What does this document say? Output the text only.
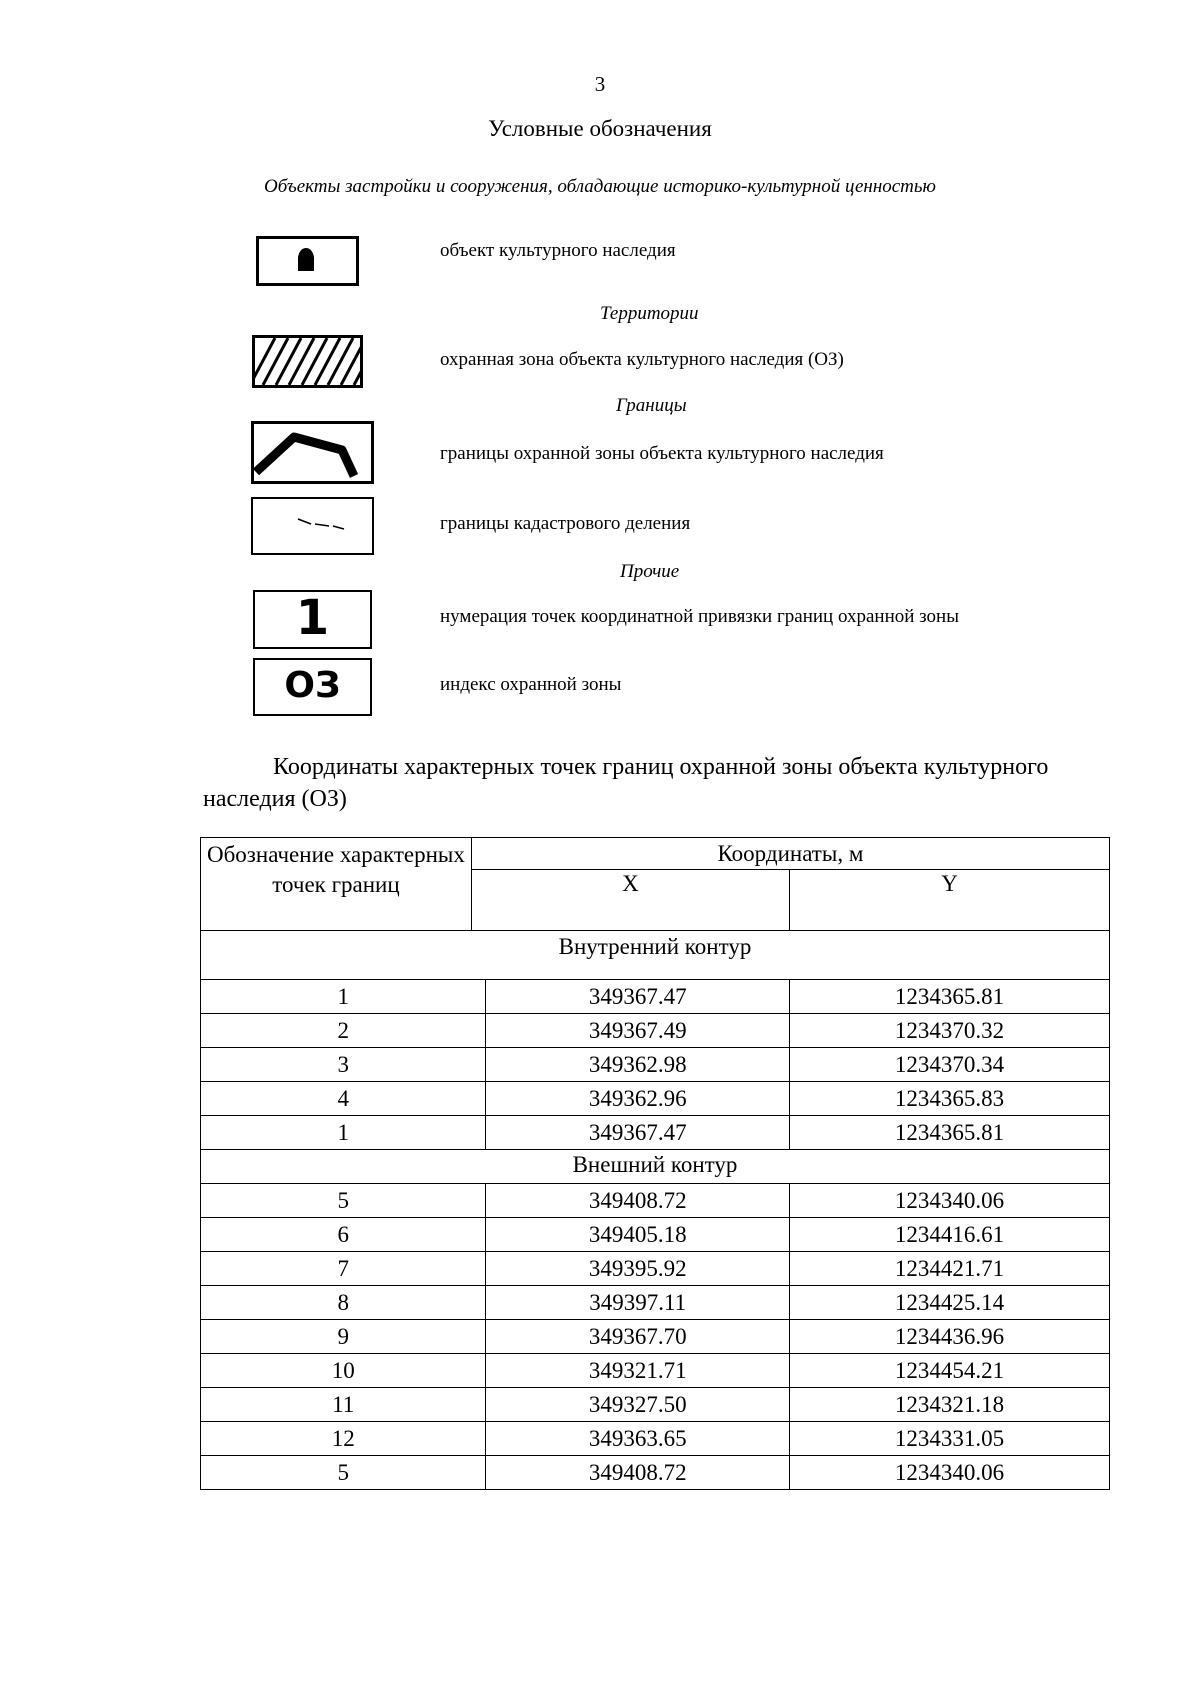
3
Условные обозначения
Объекты застройки и сооружения, обладающие историко-культурной ценностью
объект культурного наследия
Территории
охранная зона объекта культурного наследия (ОЗ)
Границы
границы охранной зоны объекта культурного наследия
границы кадастрового деления
Прочие
1	нумерация точек координатной привязки границ охранной зоны
ОЗ	индекс охранной зоны
Координаты характерных точек границ охранной зоны объекта культурного наследия (ОЗ)
Обозначение характерных точек границ	Координаты, м		
	X		Y
Внутренний контур			
1		349367.47	1234365.81
2		349367.49	1234370.32
3		349362.98	1234370.34
4		349362.96	1234365.83
1		349367.47	1234365.81
Внешний контур			
5		349408.72	1234340.06
6		349405.18	1234416.61
7		349395.92	1234421.71
8		349397.11	1234425.14
9		349367.70	1234436.96
10		349321.71	1234454.21
11		349327.50	1234321.18
12		349363.65	1234331.05
5		349408.72	1234340.06
